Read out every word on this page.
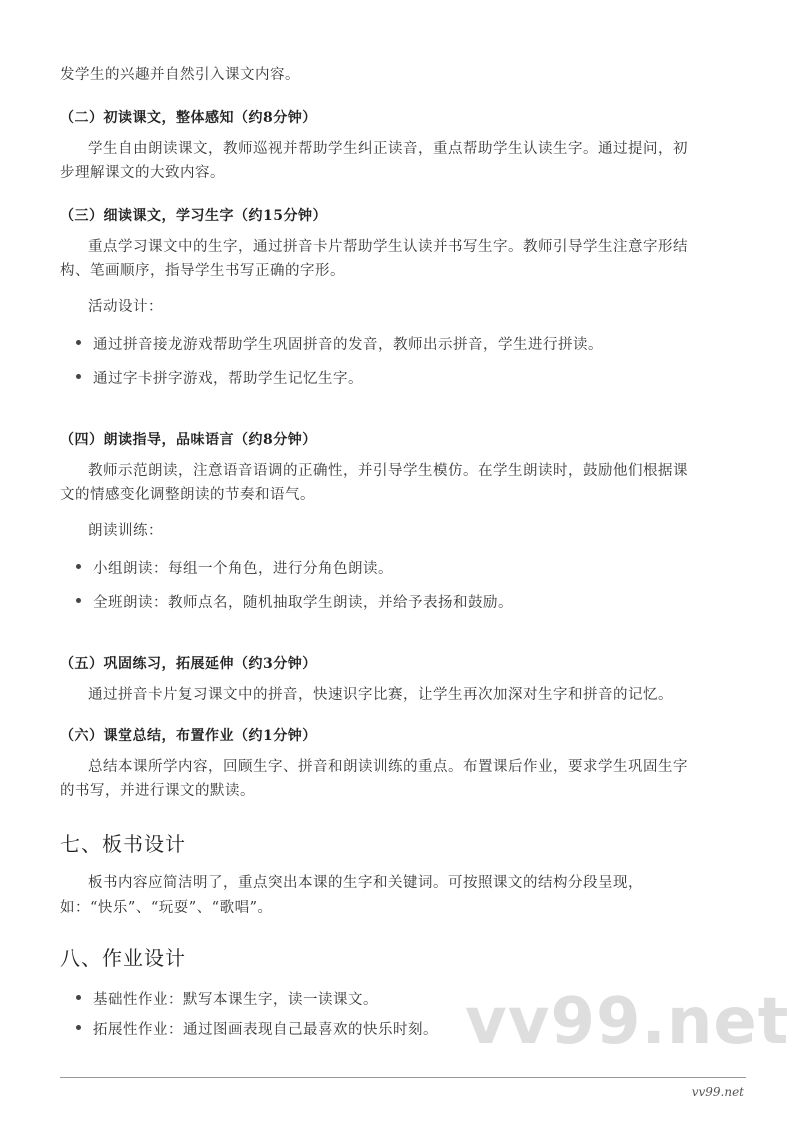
发学生的兴趣并自然引入课文内容。
（二）初读课文，整体感知（约8分钟）
学生自由朗读课文，教师巡视并帮助学生纠正读音，重点帮助学生认读生字。通过提问，初
步理解课文的大致内容。
（三）细读课文，学习生字（约15分钟）
重点学习课文中的生字，通过拼音卡片帮助学生认读并书写生字。教师引导学生注意字形结
构、笔画顺序，指导学生书写正确的字形。
活动设计：
通过拼音接龙游戏帮助学生巩固拼音的发音，教师出示拼音，学生进行拼读。
通过字卡拼字游戏，帮助学生记忆生字。
（四）朗读指导，品味语言（约8分钟）
教师示范朗读，注意语音语调的正确性，并引导学生模仿。在学生朗读时，鼓励他们根据课
文的情感变化调整朗读的节奏和语气。
朗读训练：
小组朗读：每组一个角色，进行分角色朗读。
全班朗读：教师点名，随机抽取学生朗读，并给予表扬和鼓励。
（五）巩固练习，拓展延伸（约3分钟）
通过拼音卡片复习课文中的拼音，快速识字比赛，让学生再次加深对生字和拼音的记忆。
（六）课堂总结，布置作业（约1分钟）
总结本课所学内容，回顾生字、拼音和朗读训练的重点。布置课后作业，要求学生巩固生字
的书写，并进行课文的默读。
七、板书设计
板书内容应简洁明了，重点突出本课的生字和关键词。可按照课文的结构分段呈现，
如：“快乐”、“玩耍”、“歌唱”。
八、作业设计
基础性作业：默写本课生字，读一读课文。
拓展性作业：通过图画表现自己最喜欢的快乐时刻。 vv99.net
vv99.net
